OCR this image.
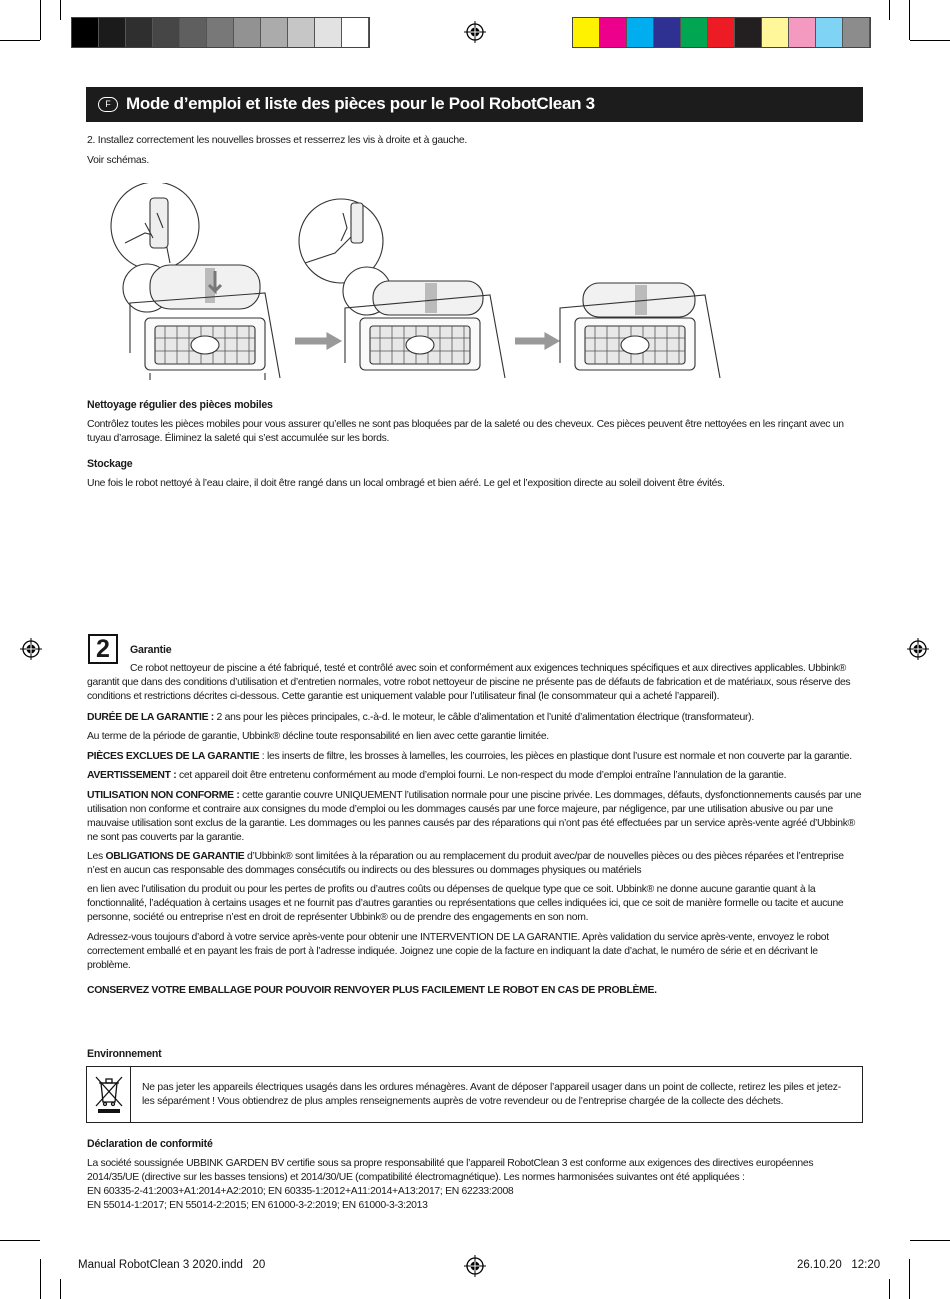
F Mode d’emploi et liste des pièces pour le Pool RobotClean 3
2. Installez correctement les nouvelles brosses et resserrez les vis à droite et à gauche.
Voir schémas.
Nettoyage régulier des pièces mobiles
Contrôlez toutes les pièces mobiles pour vous assurer qu’elles ne sont pas bloquées par de la saleté ou des cheveux. Ces pièces peuvent être nettoyées en les rinçant avec un tuyau d’arrosage. Éliminez la saleté qui s’est accumulée sur les bords.
Stockage
Une fois le robot nettoyé à l’eau claire, il doit être rangé dans un local ombragé et bien aéré. Le gel et l’exposition directe au soleil doivent être évités.
2	Garantie
Ce robot nettoyeur de piscine a été fabriqué, testé et contrôlé avec soin et conformément aux exigences techniques spécifiques et aux directives applicables. Ubbink® garantit que dans des conditions d’utilisation et d’entretien normales, votre robot nettoyeur de piscine ne présente pas de défauts de fabrication et de matériaux, sous réserve des conditions et restrictions décrites ci-dessous. Cette garantie est uniquement valable pour l’utilisateur final (le consommateur qui a acheté l’appareil).
DURÉE DE LA GARANTIE : 2 ans pour les pièces principales, c.-à-d. le moteur, le câble d’alimentation et l’unité d’alimentation électrique (transformateur).
Au terme de la période de garantie, Ubbink® décline toute responsabilité en lien avec cette garantie limitée.
PIÈCES EXCLUES DE LA GARANTIE : les inserts de filtre, les brosses à lamelles, les courroies, les pièces en plastique dont l’usure est normale et non couverte par la garantie.
AVERTISSEMENT : cet appareil doit être entretenu conformément au mode d’emploi fourni. Le non-respect du mode d’emploi entraîne l’annulation de la garantie.
UTILISATION NON CONFORME : cette garantie couvre UNIQUEMENT l’utilisation normale pour une piscine privée. Les dommages, défauts, dysfonctionnements causés par une utilisation non conforme et contraire aux consignes du mode d’emploi ou les dommages causés par une force majeure, par négligence, par une utilisation abusive ou par une mauvaise utilisation sont exclus de la garantie. Les dommages ou les pannes causés par des réparations qui n’ont pas été effectuées par un service après-vente agréé d’Ubbink® ne sont pas couverts par la garantie.
Les OBLIGATIONS DE GARANTIE d’Ubbink® sont limitées à la réparation ou au remplacement du produit avec/par de nouvelles pièces ou des pièces réparées et l’entreprise n’est en aucun cas responsable des dommages consécutifs ou indirects ou des blessures ou dommages physiques ou matériels
en lien avec l’utilisation du produit ou pour les pertes de profits ou d’autres coûts ou dépenses de quelque type que ce soit. Ubbink® ne donne aucune garantie quant à la fonctionnalité, l’adéquation à certains usages et ne fournit pas d’autres garanties ou représentations que celles indiquées ici, que ce soit de manière formelle ou tacite et aucune personne, société ou entreprise n’est en droit de représenter Ubbink® ou de prendre des engagements en son nom.
Adressez-vous toujours d’abord à votre service après-vente pour obtenir une INTERVENTION DE LA GARANTIE. Après validation du service après-vente, envoyez le robot correctement emballé et en payant les frais de port à l’adresse indiquée. Joignez une copie de la facture en indiquant la date d’achat, le numéro de série et en décrivant le problème.
CONSERVEZ VOTRE EMBALLAGE POUR POUVOIR RENVOYER PLUS FACILEMENT LE ROBOT EN CAS DE PROBLÈME.
Environnement
Ne pas jeter les appareils électriques usagés dans les ordures ménagères. Avant de déposer l’appareil usager dans un point de collecte, retirez les piles et jetez-les séparément ! Vous obtiendrez de plus amples renseignements auprès de votre revendeur ou de l’entreprise chargée de la collecte des déchets.
Déclaration de conformité
La société soussignée UBBINK GARDEN BV certifie sous sa propre responsabilité que l’appareil RobotClean 3 est conforme aux exigences des directives européennes 2014/35/UE (directive sur les basses tensions) et 2014/30/UE (compatibilité électromagnétique). Les normes harmonisées suivantes ont été appliquées :
EN 60335-2-41:2003+A1:2014+A2:2010; EN 60335-1:2012+A11:2014+A13:2017; EN 62233:2008
EN 55014-1:2017; EN 55014-2:2015; EN 61000-3-2:2019; EN 61000-3-3:2013
Manual RobotClean 3 2020.indd   20	26.10.20   12:20
